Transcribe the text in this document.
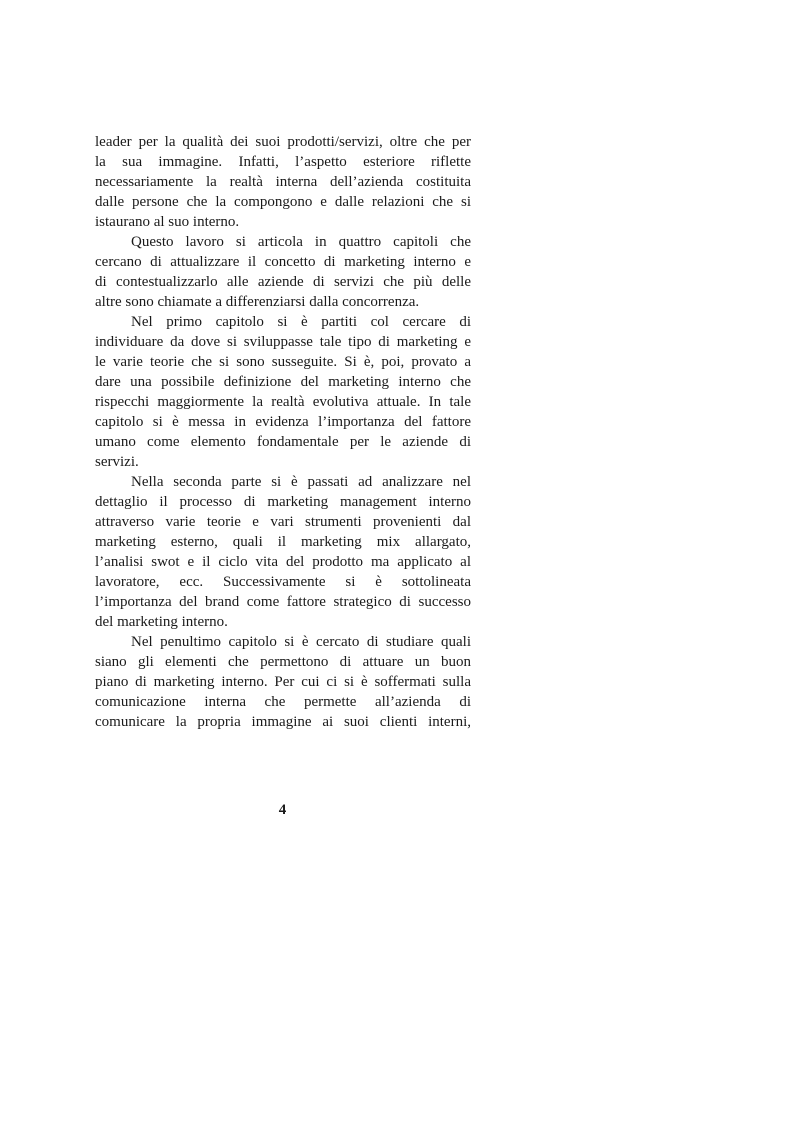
leader per la qualità dei suoi prodotti/servizi, oltre che per
la sua immagine. Infatti, l’aspetto esteriore riflette
necessariamente la realtà interna dell’azienda costituita
dalle persone che la compongono e dalle relazioni che si
istaurano al suo interno.
Questo lavoro si articola in quattro capitoli che
cercano di attualizzare il concetto di marketing interno e
di contestualizzarlo alle aziende di servizi che più delle
altre sono chiamate a differenziarsi dalla concorrenza.
Nel primo capitolo si è partiti col cercare di
individuare da dove si sviluppasse tale tipo di marketing e
le varie teorie che si sono susseguite. Si è, poi, provato a
dare una possibile definizione del marketing interno che
rispecchi maggiormente la realtà evolutiva attuale. In tale
capitolo si è messa in evidenza l’importanza del fattore
umano come elemento fondamentale per le aziende di
servizi.
Nella seconda parte si è passati ad analizzare nel
dettaglio il processo di marketing management interno
attraverso varie teorie e vari strumenti provenienti dal
marketing esterno, quali il marketing mix allargato,
l’analisi swot e il ciclo vita del prodotto ma applicato al
lavoratore, ecc. Successivamente si è sottolineata
l’importanza del brand come fattore strategico di successo
del marketing interno.
Nel penultimo capitolo si è cercato di studiare quali
siano gli elementi che permettono di attuare un buon
piano di marketing interno. Per cui ci si è soffermati sulla
comunicazione interna che permette all’azienda di
comunicare la propria immagine ai suoi clienti interni,
4
